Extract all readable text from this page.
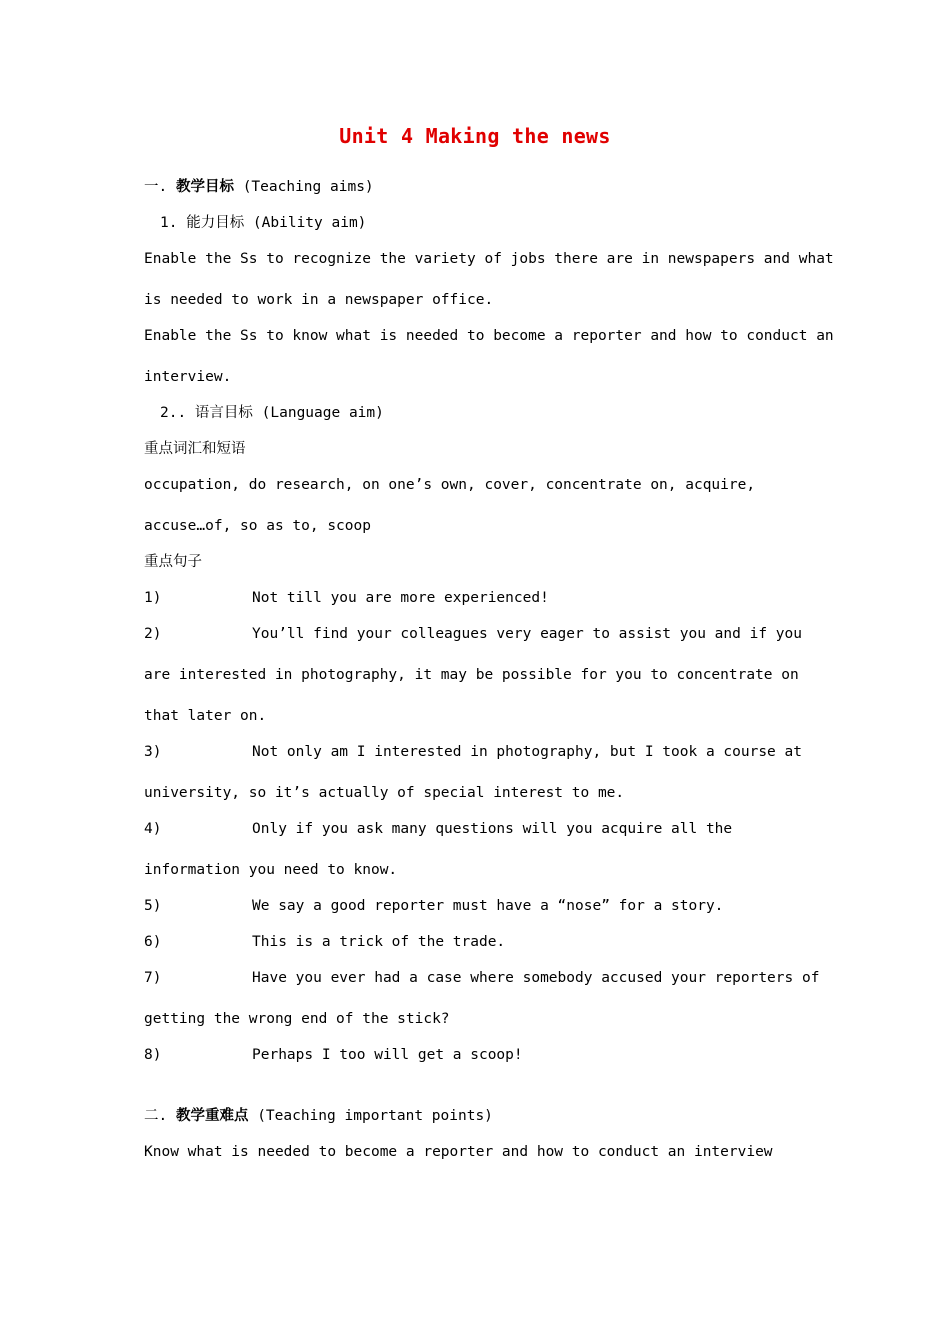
Unit 4 Making the news
一. 教学目标 (Teaching aims)
1. 能力目标 (Ability aim)
Enable the Ss to recognize the variety of jobs there are in newspapers and what
is needed to work in a newspaper office.
Enable the Ss to know what is needed to become a reporter and how to conduct an
interview.
2.. 语言目标 (Language aim)
重点词汇和短语
occupation, do research, on one’s own, cover, concentrate on, acquire,
accuse…of, so as to, scoop
重点句子
1)	Not till you are more experienced!
2)	You’ll find your colleagues very eager to assist you and if you
are interested in photography, it may be possible for you to concentrate on
that later on.
3)	Not only am I interested in photography, but I took a course at
university, so it’s actually of special interest to me.
4)	Only if you ask many questions will you acquire all the
information you need to know.
5)	We say a good reporter must have a “nose” for a story.
6)	This is a trick of the trade.
7)	Have you ever had a case where somebody accused your reporters of
getting the wrong end of the stick?
8)	Perhaps I too will get a scoop!
二. 教学重难点 (Teaching important points)
Know what is needed to become a reporter and how to conduct an interview
